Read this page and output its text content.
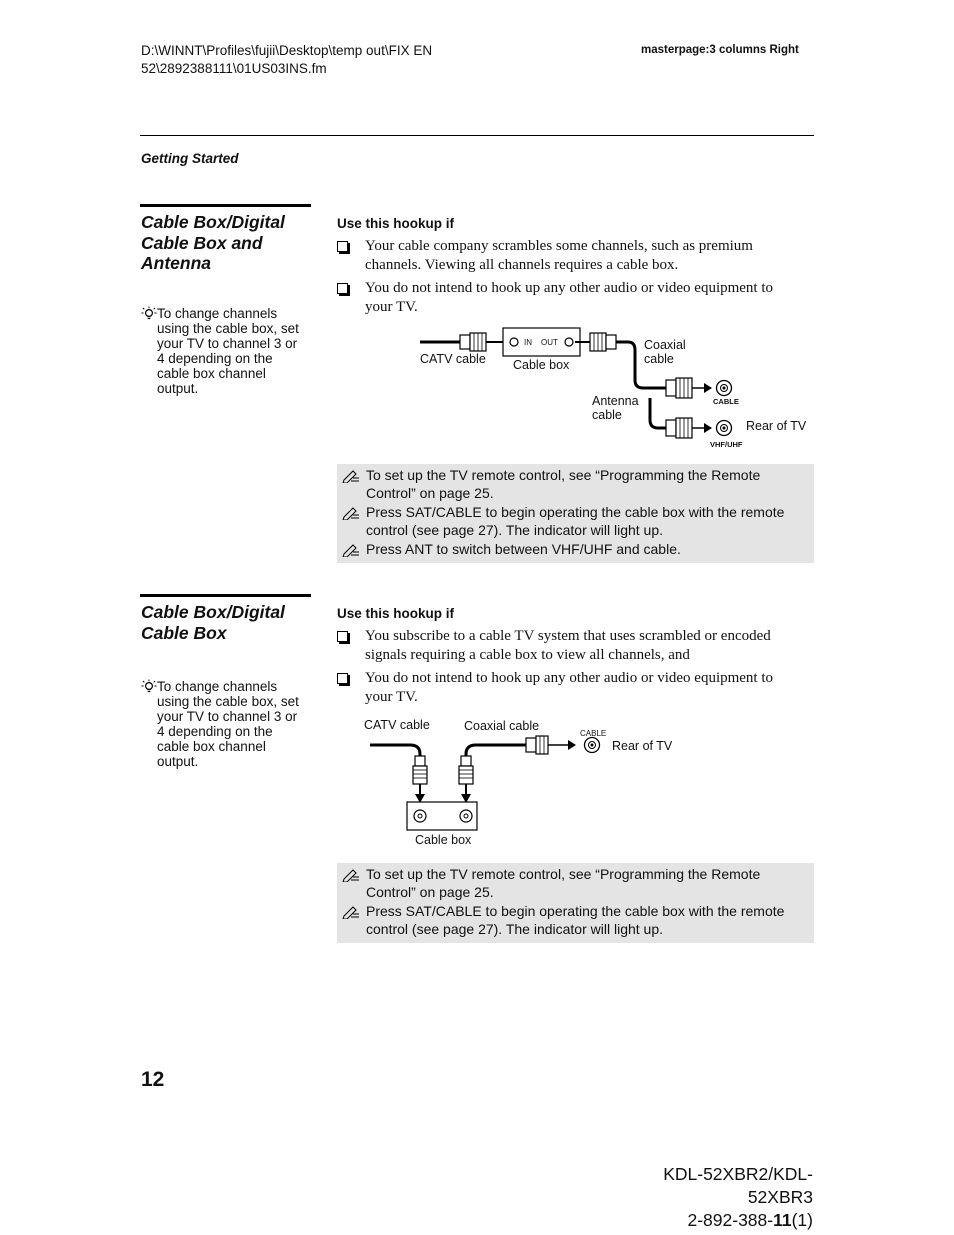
D:\WINNT\Profiles\fujii\Desktop\temp out\FIX EN
52\2892388111\01US03INS.fm
masterpage:3 columns Right
Getting Started
Cable Box/Digital
Cable Box and
Antenna
To change channels
using the cable box, set
your TV to channel 3 or
4 depending on the
cable box channel
output.
Use this hookup if
Your cable company scrambles some channels, such as premium
channels. Viewing all channels requires a cable box.
You do not intend to hook up any other audio or video equipment to
your TV.
IN OUT
CATV cable Cable box
Coaxial
cable
CABLE
Antenna
cable
Rear of TV
VHF/UHF
To set up the TV remote control, see “Programming the Remote
Control” on page 25.
Press SAT/CABLE to begin operating the cable box with the remote
control (see page 27). The indicator will light up.
Press ANT to switch between VHF/UHF and cable.
Cable Box/Digital
Cable Box
To change channels
using the cable box, set
your TV to channel 3 or
4 depending on the
cable box channel
output.
Use this hookup if
You subscribe to a cable TV system that uses scrambled or encoded
signals requiring a cable box to view all channels, and
You do not intend to hook up any other audio or video equipment to
your TV.
CATV cable	Coaxial cable
CABLE
Rear of TV
Cable box
To set up the TV remote control, see “Programming the Remote
Control” on page 25.
Press SAT/CABLE to begin operating the cable box with the remote
control (see page 27). The indicator will light up.
12
KDL-52XBR2/KDL-52XBR3
2-892-388-11(1)
